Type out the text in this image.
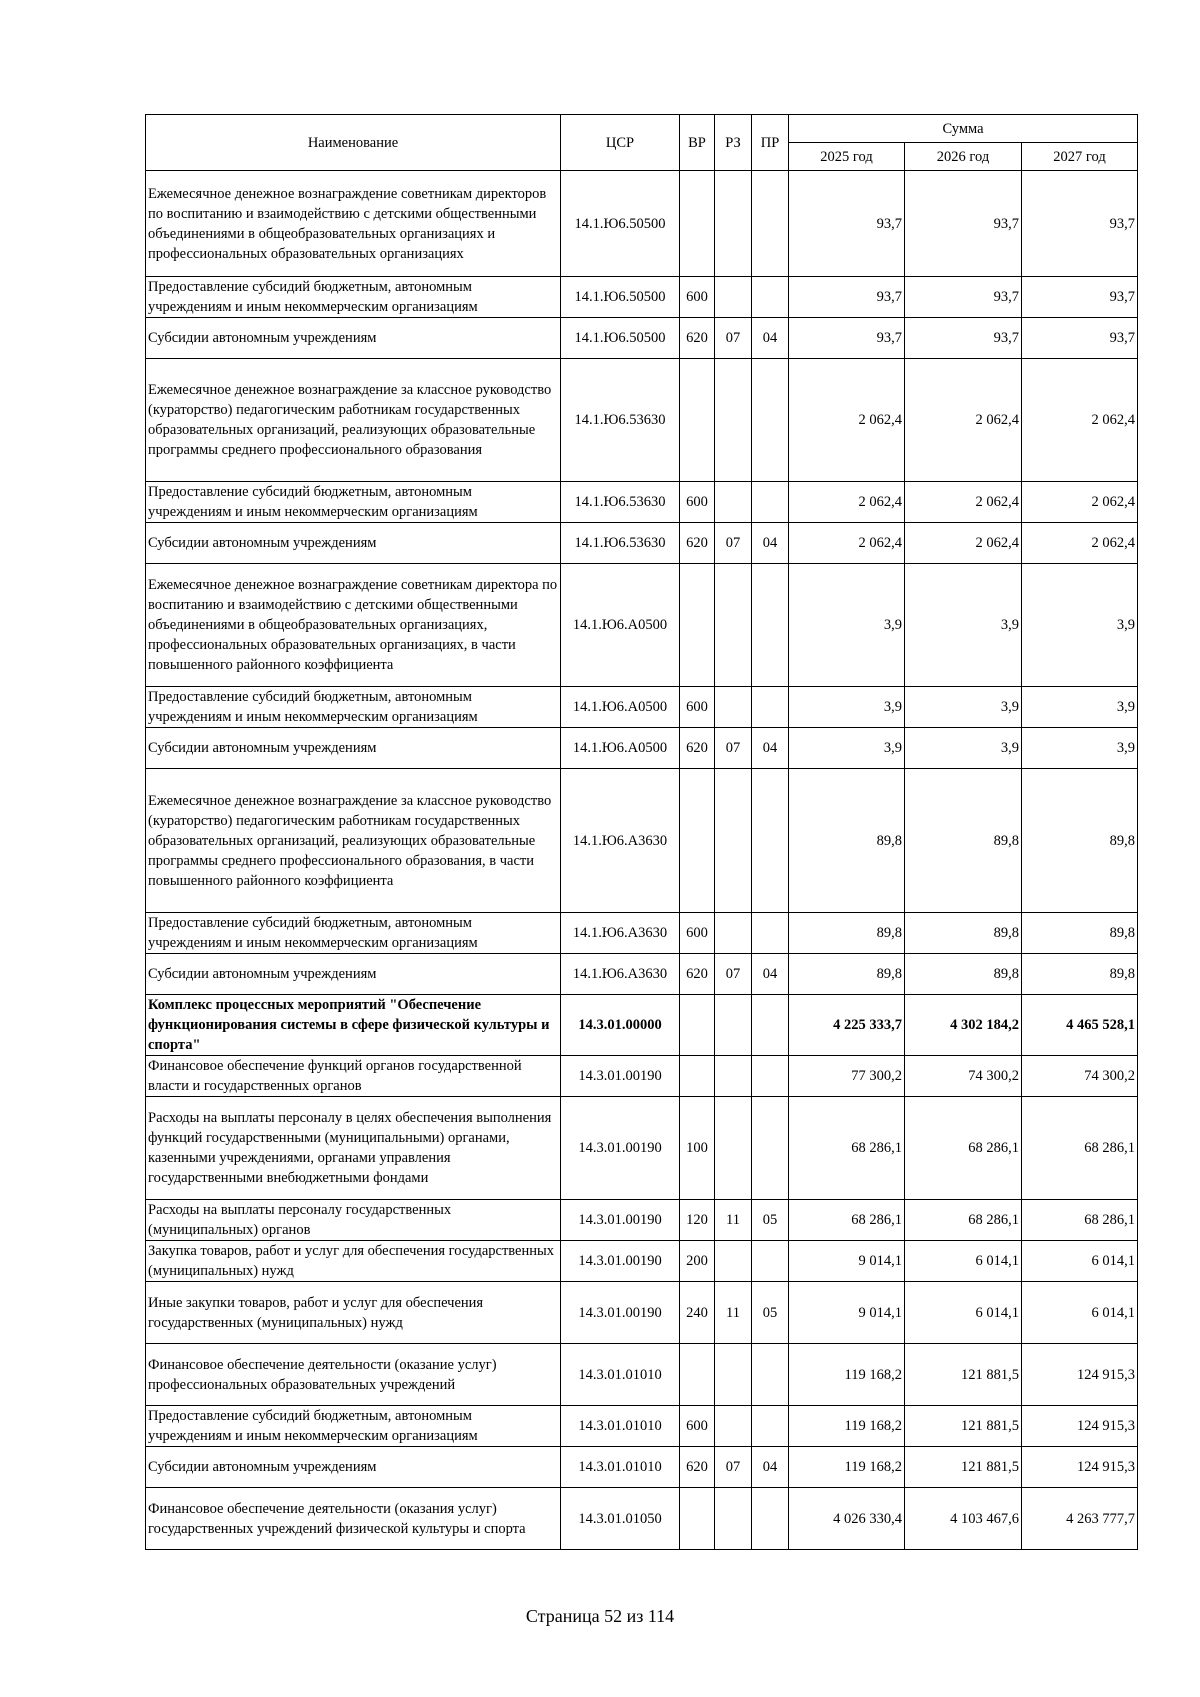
Наименование	ЦСР	ВР	РЗ	ПР	Сумма		
					2025 год	2026 год	2027 год
Ежемесячное денежное вознаграждение советникам директоров по воспитанию и взаимодействию с детскими общественными объединениями в общеобразовательных организациях и профессиональных образовательных организациях	14.1.Ю6.50500				93,7	93,7	93,7
Предоставление субсидий бюджетным, автономным учреждениям и иным некоммерческим организациям	14.1.Ю6.50500	600			93,7	93,7	93,7
Субсидии автономным учреждениям	14.1.Ю6.50500	620	07	04	93,7	93,7	93,7
Ежемесячное денежное вознаграждение за классное руководство (кураторство) педагогическим работникам государственных образовательных организаций, реализующих образовательные программы среднего профессионального образования	14.1.Ю6.53630				2 062,4	2 062,4	2 062,4
Предоставление субсидий бюджетным, автономным учреждениям и иным некоммерческим организациям	14.1.Ю6.53630	600			2 062,4	2 062,4	2 062,4
Субсидии автономным учреждениям	14.1.Ю6.53630	620	07	04	2 062,4	2 062,4	2 062,4
Ежемесячное денежное вознаграждение советникам директора по воспитанию и взаимодействию с детскими общественными объединениями в общеобразовательных организациях, профессиональных образовательных организациях, в части повышенного районного коэффициента	14.1.Ю6.А0500				3,9	3,9	3,9
Предоставление субсидий бюджетным, автономным учреждениям и иным некоммерческим организациям	14.1.Ю6.А0500	600			3,9	3,9	3,9
Субсидии автономным учреждениям	14.1.Ю6.А0500	620	07	04	3,9	3,9	3,9
Ежемесячное денежное вознаграждение за классное руководство (кураторство) педагогическим работникам государственных образовательных организаций, реализующих образовательные программы среднего профессионального образования, в части повышенного районного коэффициента	14.1.Ю6.А3630				89,8	89,8	89,8
Предоставление субсидий бюджетным, автономным учреждениям и иным некоммерческим организациям	14.1.Ю6.А3630	600			89,8	89,8	89,8
Субсидии автономным учреждениям	14.1.Ю6.А3630	620	07	04	89,8	89,8	89,8
Комплекс процессных мероприятий "Обеспечение функционирования системы в сфере физической культуры и спорта"	14.3.01.00000				4 225 333,7	4 302 184,2	4 465 528,1
Финансовое обеспечение функций органов государственной власти и государственных органов	14.3.01.00190				77 300,2	74 300,2	74 300,2
Расходы на выплаты персоналу в целях обеспечения выполнения функций государственными (муниципальными) органами, казенными учреждениями, органами управления государственными внебюджетными фондами	14.3.01.00190	100			68 286,1	68 286,1	68 286,1
Расходы на выплаты персоналу государственных (муниципальных) органов	14.3.01.00190	120	11	05	68 286,1	68 286,1	68 286,1
Закупка товаров, работ и услуг для обеспечения государственных (муниципальных) нужд	14.3.01.00190	200			9 014,1	6 014,1	6 014,1
Иные закупки товаров, работ и услуг для обеспечения государственных (муниципальных) нужд	14.3.01.00190	240	11	05	9 014,1	6 014,1	6 014,1
Финансовое обеспечение деятельности (оказание услуг) профессиональных образовательных учреждений	14.3.01.01010				119 168,2	121 881,5	124 915,3
Предоставление субсидий бюджетным, автономным учреждениям и иным некоммерческим организациям	14.3.01.01010	600			119 168,2	121 881,5	124 915,3
Субсидии автономным учреждениям	14.3.01.01010	620	07	04	119 168,2	121 881,5	124 915,3
Финансовое обеспечение деятельности (оказания услуг) государственных учреждений физической культуры и спорта	14.3.01.01050				4 026 330,4	4 103 467,6	4 263 777,7
Страница 52 из 114
